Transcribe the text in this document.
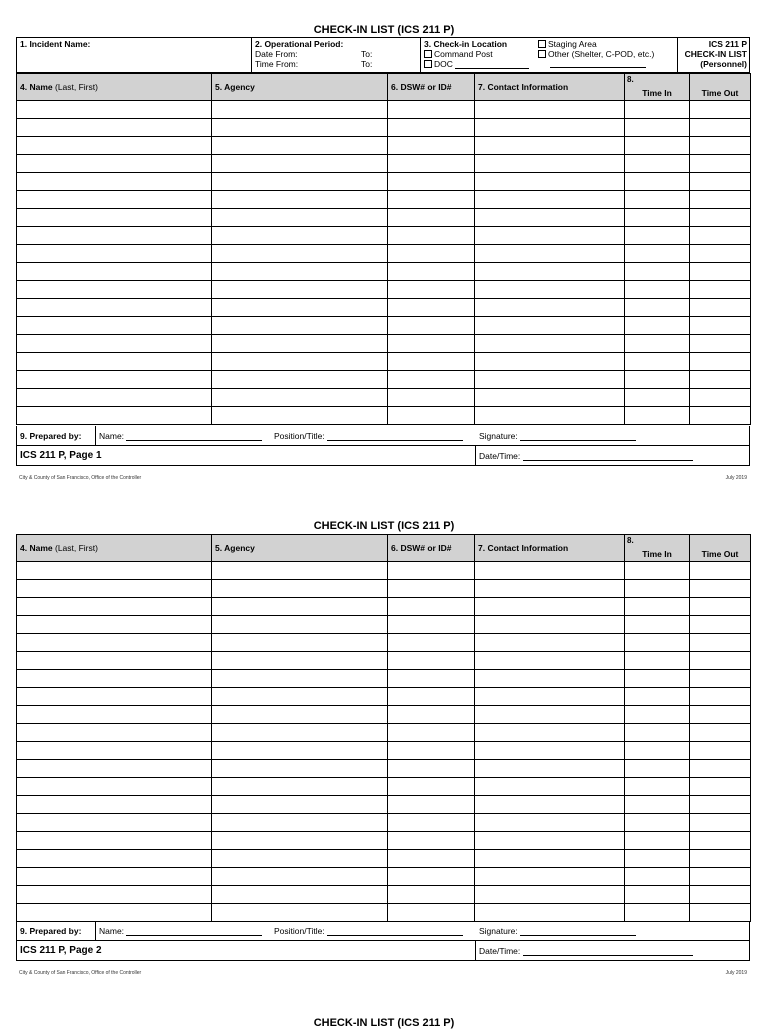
CHECK-IN LIST (ICS 211 P)
1. Incident Name:	2. Operational Period:
Date From:	To:
Time From:	To:
3. Check-in Location	Staging Area
Command Post	Other (Shelter, C-POD, etc.)
DOC
ICS 211 P
CHECK-IN LIST
(Personnel)
4. Name (Last, First)	5. Agency	6. DSW# or ID#	7. Contact Information	8.
Time In	Time Out

9. Prepared by: Name:	Position/Title:	Signature:
ICS 211 P, Page 1	Date/Time:
City & County of San Francisco, Office of the Controller	July 2019
CHECK-IN LIST (ICS 211 P)
4. Name (Last, First)	5. Agency	6. DSW# or ID#	7. Contact Information	8.
Time In	Time Out

9. Prepared by: Name:	Position/Title:	Signature:
ICS 211 P, Page 2	Date/Time:
City & County of San Francisco, Office of the Controller	July 2019
CHECK-IN LIST (ICS 211 P)
